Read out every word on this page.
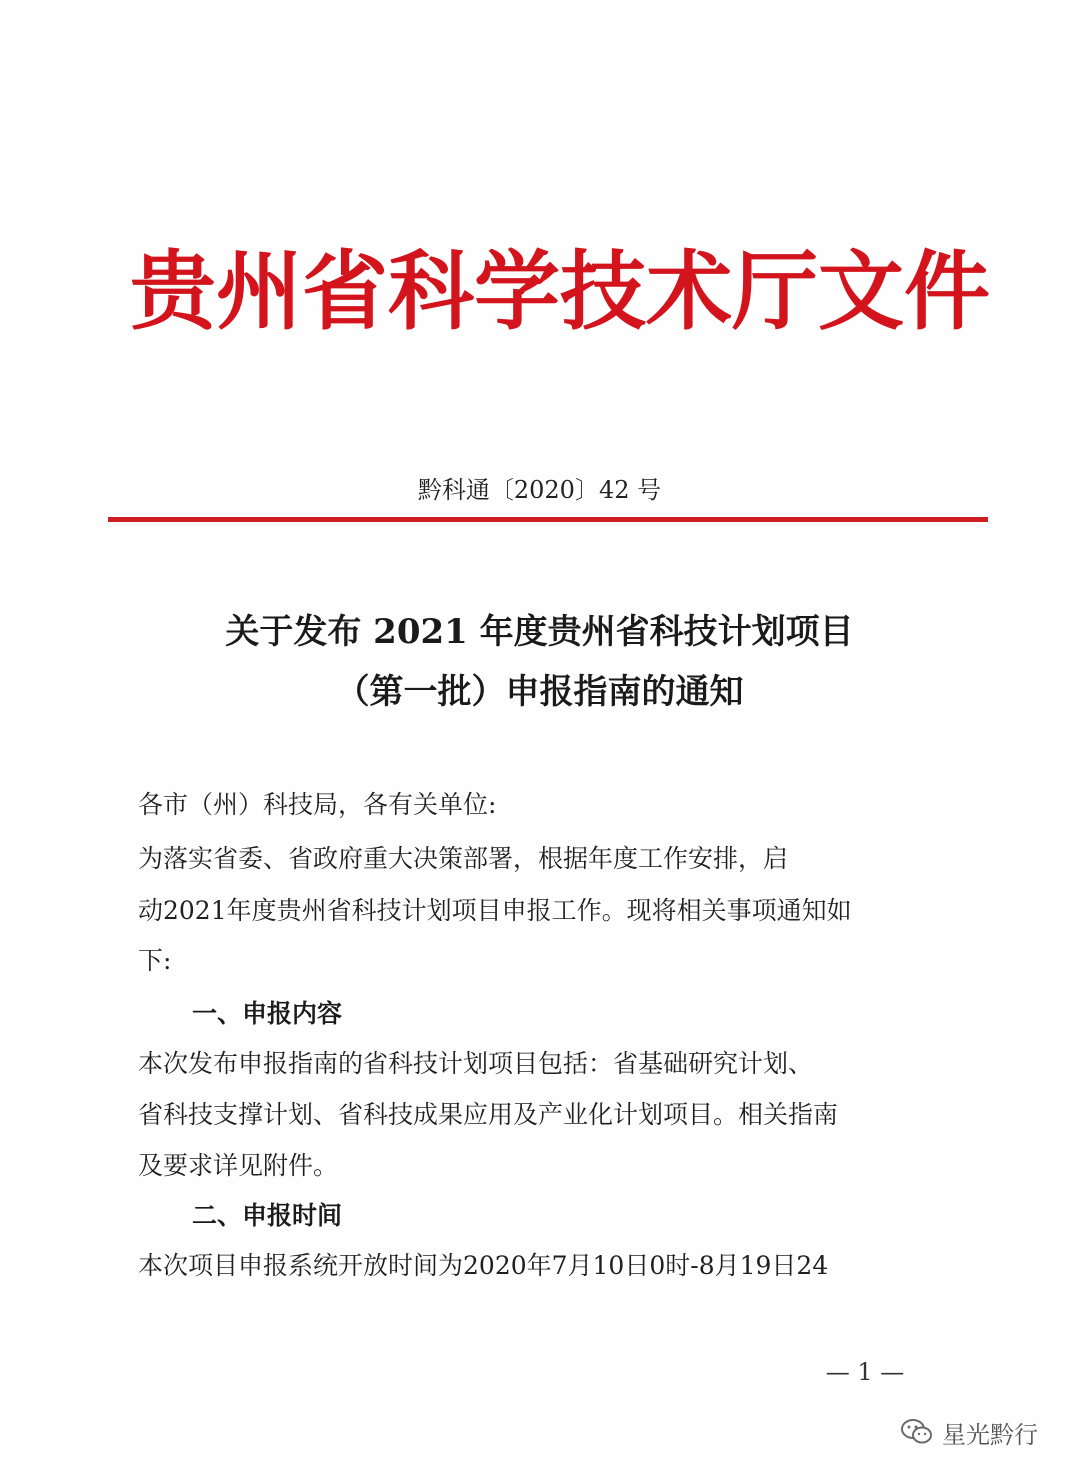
贵州省科学技术厅文件
黔科通〔2020〕42 号
关于发布 2021 年度贵州省科技计划项目
（第一批）申报指南的通知
各市（州）科技局，各有关单位:
为落实省委、省政府重大决策部署，根据年度工作安排，启
动2021年度贵州省科技计划项目申报工作。现将相关事项通知如
下:
一、申报内容
本次发布申报指南的省科技计划项目包括：省基础研究计划、
省科技支撑计划、省科技成果应用及产业化计划项目。相关指南
及要求详见附件。
二、申报时间
本次项目申报系统开放时间为2020年7月10日0时-8月19日24
— 1 —
星光黔行
